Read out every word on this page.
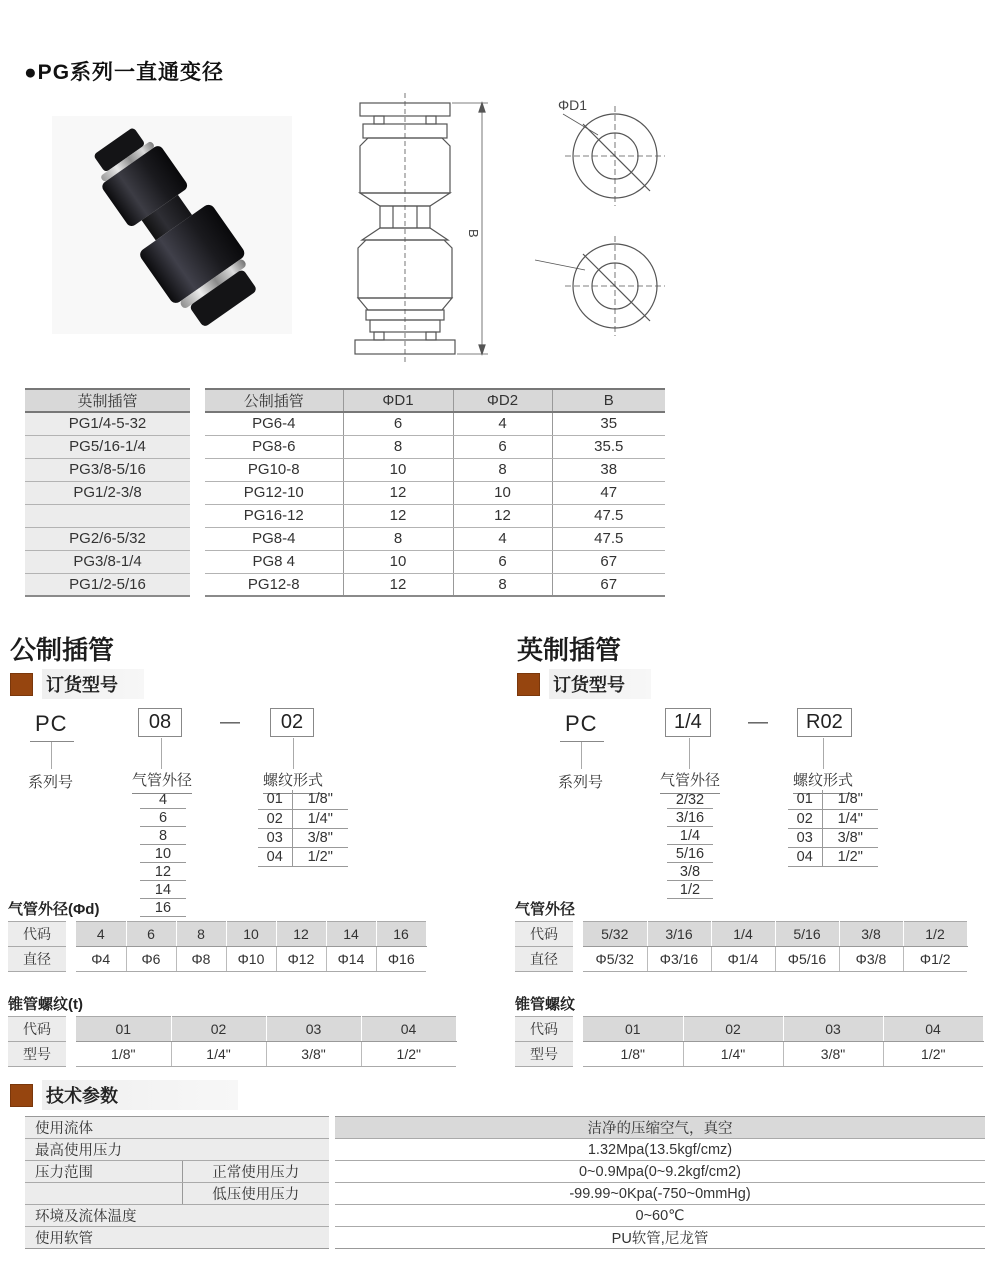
●PG系列一直通变径
ΦD1
B
英制插管		公制插管	ΦD1	ΦD2	B
PG1/4-5-32		PG6-4	6	4	35
PG5/16-1/4		PG8-6	8	6	35.5
PG3/8-5/16		PG10-8	10	8	38
PG1/2-3/8		PG12-10	12	10	47
		PG16-12	12	12	47.5
PG2/6-5/32		PG8-4	8	4	47.5
PG3/8-1/4		PG8 4	10	6	67
PG1/2-5/16		PG12-8	12	8	67
公制插管
订货型号
PC	08	—	02
系列号	气管外径	螺纹形式
4
6
8
10
12
14
16
01	1/8"
02	1/4"
03	3/8"
04	1/2"
英制插管
订货型号
PC	1/4	—	R02
系列号	气管外径	螺纹形式
2/32
3/16
1/4
5/16
3/8
1/2
01	1/8"
02	1/4"
03	3/8"
04	1/2"
气管外径(Φd)
代码		4	6	8	10	12	14	16
直径		Φ4	Φ6	Φ8	Φ10	Φ12	Φ14	Φ16
气管外径
代码		5/32	3/16	1/4	5/16	3/8	1/2
直径		Φ5/32	Φ3/16	Φ1/4	Φ5/16	Φ3/8	Φ1/2
锥管螺纹(t)
代码		01	02	03	04
型号		1/8"	1/4"	3/8"	1/2"
锥管螺纹
代码		01	02	03	04
型号		1/8"	1/4"	3/8"	1/2"
技术参数
使用流体		洁净的压缩空气，真空
最高使用压力		1.32Mpa(13.5kgf/cmz)
压力范围	正常使用压力	0~0.9Mpa(0~9.2kgf/cm2)
	低压使用压力	-99.99~0Kpa(-750~0mmHg)
环境及流体温度		0~60℃
使用软管		PU软管,尼龙管
